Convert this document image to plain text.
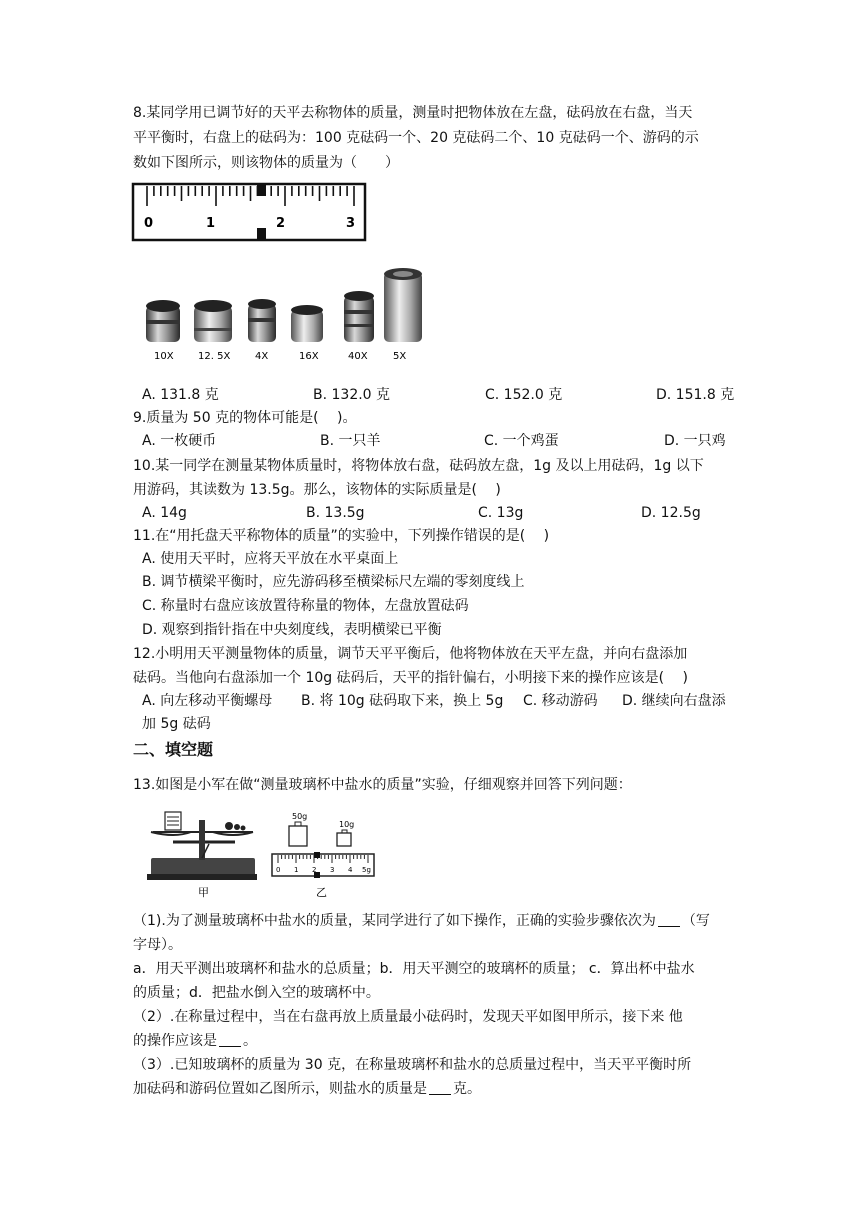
8.某同学用已调节好的天平去称物体的质量，测量时把物体放在左盘，砝码放在右盘，当天
平平衡时，右盘上的砝码为：100 克砝码一个、20 克砝码二个、10 克砝码一个、游码的示
数如下图所示，则该物体的质量为（　　）
0	1	2	3
10X 12. 5X 4X	16X	40X	5X
A. 131.8 克	B. 132.0 克	C. 152.0 克	D. 151.8 克
9.质量为 50 克的物体可能是(　 )。
A. 一枚硬币	B. 一只羊	C. 一个鸡蛋	D. 一只鸡
10.某一同学在测量某物体质量时，将物体放右盘，砝码放左盘，1g 及以上用砝码，1g 以下
用游码，其读数为 13.5g。那么，该物体的实际质量是(　 )
A. 14g	B. 13.5g	C. 13g	D. 12.5g
11.在“用托盘天平称物体的质量”的实验中，下列操作错误的是(　 )
A. 使用天平时，应将天平放在水平桌面上
B. 调节横梁平衡时，应先游码移至横梁标尺左端的零刻度线上
C. 称量时右盘应该放置待称量的物体，左盘放置砝码
D. 观察到指针指在中央刻度线，表明横梁已平衡
12.小明用天平测量物体的质量，调节天平平衡后，他将物体放在天平左盘，并向右盘添加
砝码。当他向右盘添加一个 10g 砝码后，天平的指针偏右，小明接下来的操作应该是(　 )
A. 向左移动平衡螺母 B. 将 10g 砝码取下来，换上 5g C. 移动游码 D. 继续向右盘添
加 5g 砝码
二、填空题
13.如图是小军在做“测量玻璃杯中盐水的质量”实验，仔细观察并回答下列问题：
甲
50g
10g
0 1 2 3 4 5g
乙
（1).为了测量玻璃杯中盐水的质量，某同学进行了如下操作，正确的实验步骤依次为 （写
字母）。
a．用天平测出玻璃杯和盐水的总质量；b．用天平测空的玻璃杯的质量； c．算出杯中盐水
的质量；d．把盐水倒入空的玻璃杯中。
（2）.在称量过程中，当在右盘再放上质量最小砝码时，发现天平如图甲所示，接下来 他
的操作应该是 。
（3）.已知玻璃杯的质量为 30 克，在称量玻璃杯和盐水的总质量过程中，当天平平衡时所
加砝码和游码位置如乙图所示，则盐水的质量是 克。
